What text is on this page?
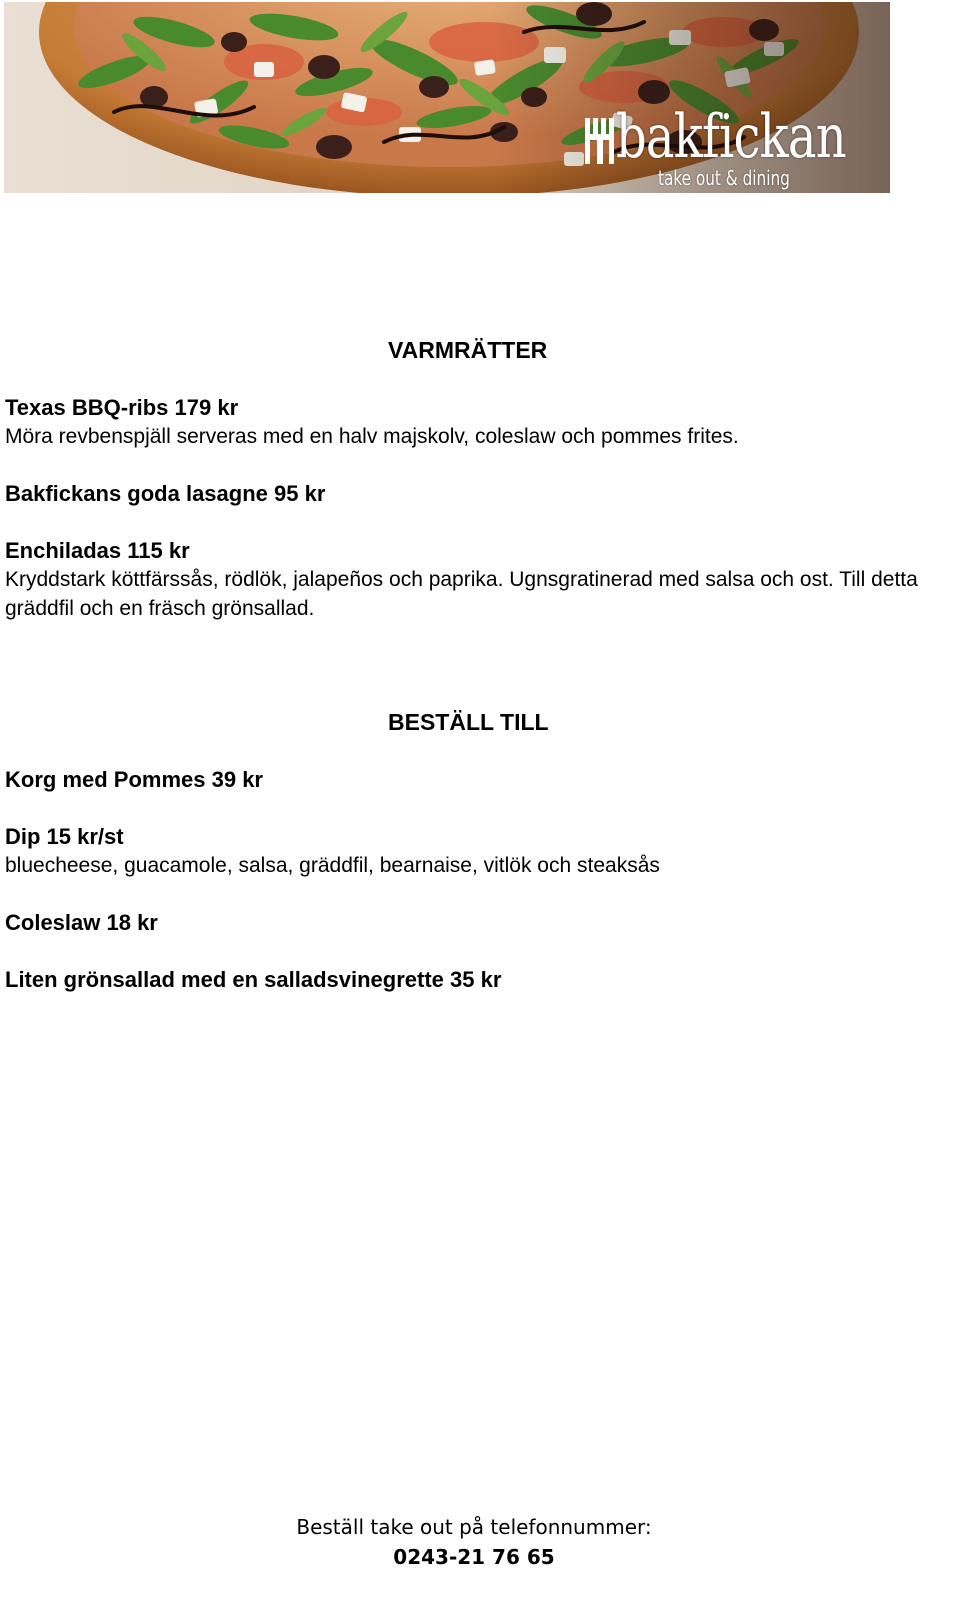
bakfickan
take out & dining
VARMRÄTTER

Texas BBQ-ribs 179 kr

Möra revbenspjäll serveras med en halv majskolv, coleslaw och pommes frites.

Bakfickans goda lasagne 95 kr

Enchiladas 115 kr

Kryddstark köttfärssås, rödlök, jalapeños och paprika. Ugnsgratinerad med salsa och ost. Till detta gräddfil och en fräsch grönsallad.

BESTÄLL TILL

Korg med Pommes 39 kr

Dip 15 kr/st

bluecheese, guacamole, salsa, gräddfil, bearnaise, vitlök och steaksås

Coleslaw 18 kr

Liten grönsallad med en salladsvinegrette 35 kr

Beställ take out på telefonnummer:

0243-21 76 65
